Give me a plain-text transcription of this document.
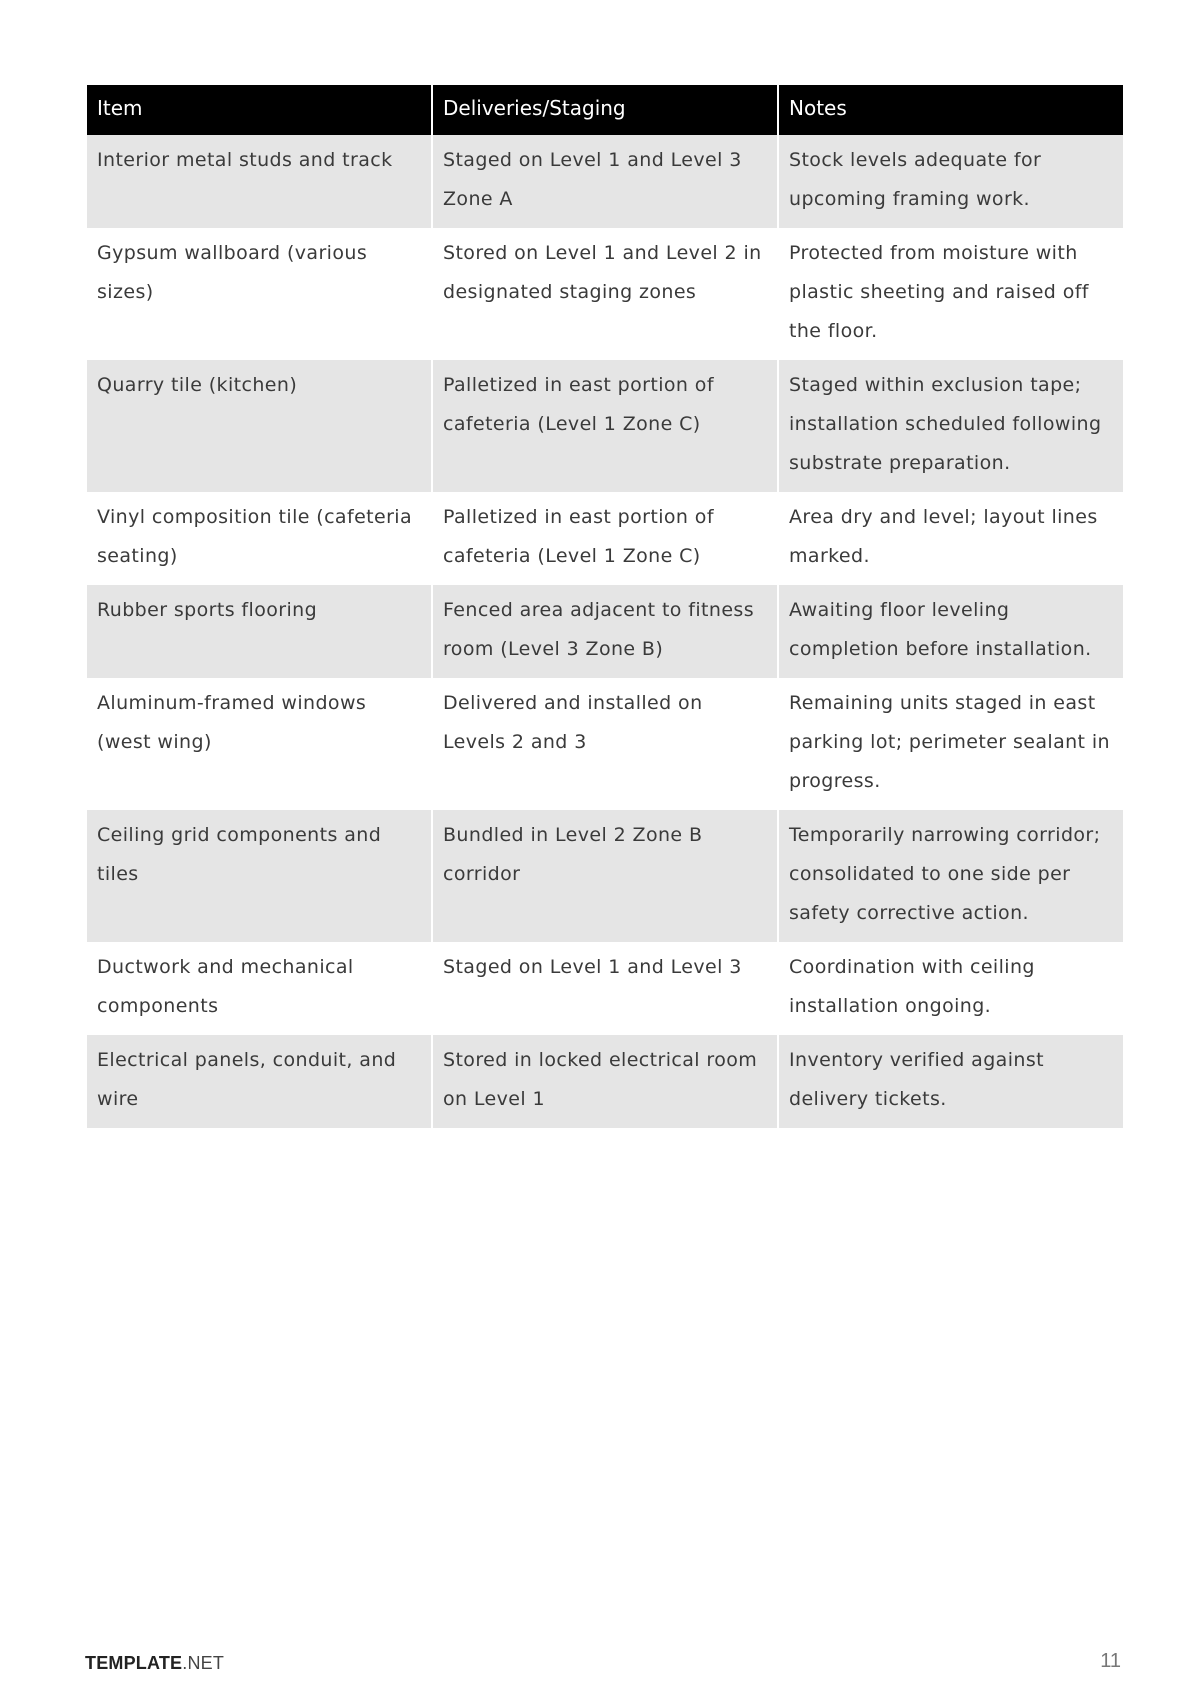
Item	Deliveries/Staging	Notes
Interior metal studs and track	Staged on Level 1 and Level 3 Zone A	Stock levels adequate for upcoming framing work.
Gypsum wallboard (various sizes)	Stored on Level 1 and Level 2 in designated staging zones	Protected from moisture with plastic sheeting and raised off the floor.
Quarry tile (kitchen)	Palletized in east portion of cafeteria (Level 1 Zone C)	Staged within exclusion tape; installation scheduled following substrate preparation.
Vinyl composition tile (cafeteria seating)	Palletized in east portion of cafeteria (Level 1 Zone C)	Area dry and level; layout lines marked.
Rubber sports flooring	Fenced area adjacent to fitness room (Level 3 Zone B)	Awaiting floor leveling completion before installation.
Aluminum-framed windows (west wing)	Delivered and installed on Levels 2 and 3	Remaining units staged in east parking lot; perimeter sealant in progress.
Ceiling grid components and tiles	Bundled in Level 2 Zone B corridor	Temporarily narrowing corridor; consolidated to one side per safety corrective action.
Ductwork and mechanical components	Staged on Level 1 and Level 3	Coordination with ceiling installation ongoing.
Electrical panels, conduit, and wire	Stored in locked electrical room on Level 1	Inventory verified against delivery tickets.
TEMPLATE.NET	11
